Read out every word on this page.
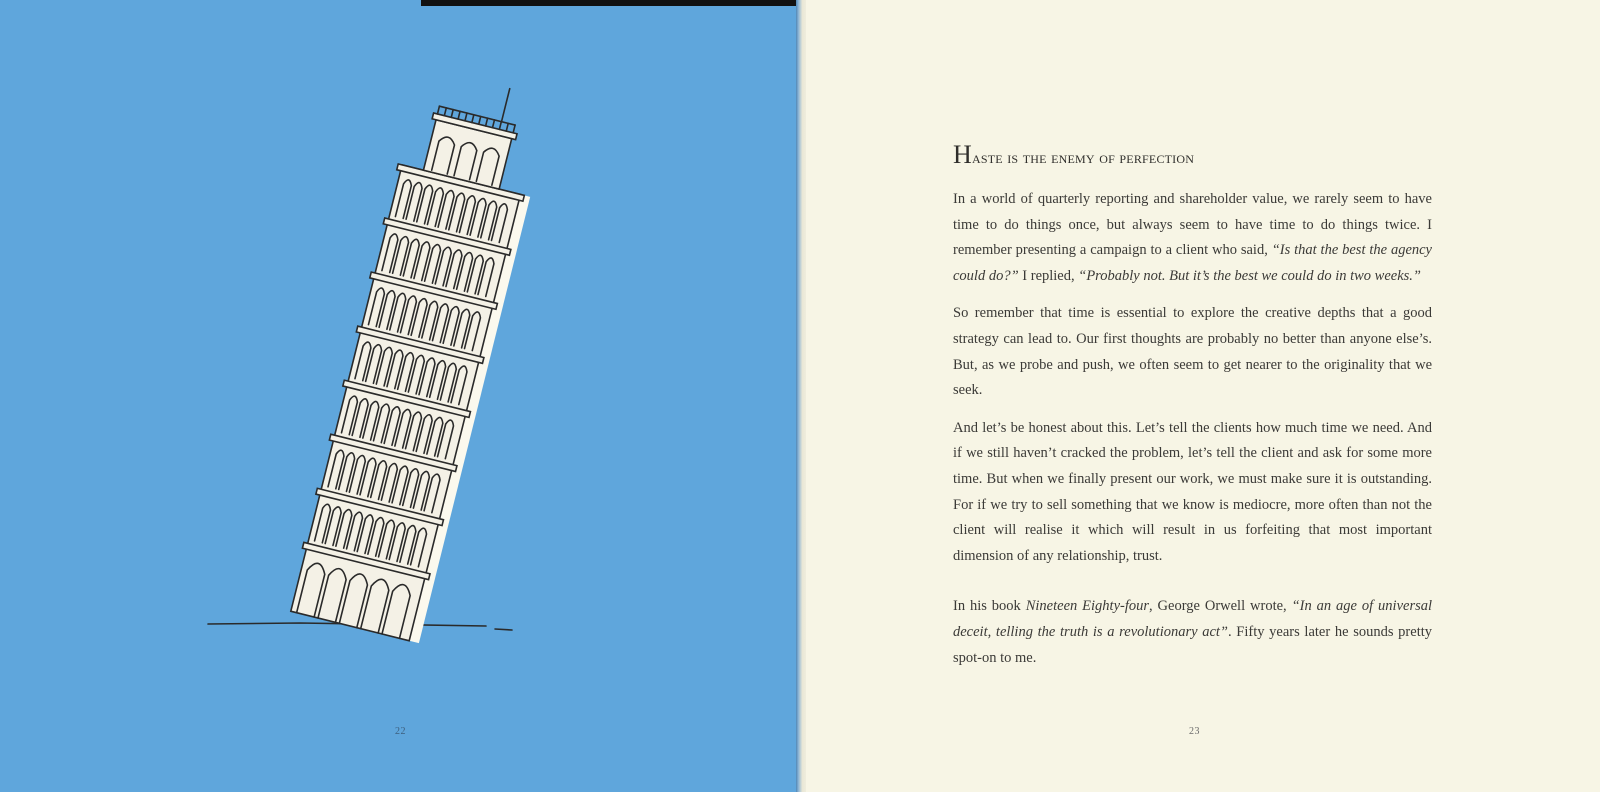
22
Haste is the enemy of perfection

In a world of quarterly reporting and shareholder value, we rarely seem to have time to do things once, but always seem to have time to do things twice. I remember presenting a campaign to a client who said, “Is that the best the agency could do?” I replied, “Probably not. But it’s the best we could do in two weeks.”

So remember that time is essential to explore the creative depths that a good strategy can lead to. Our first thoughts are probably no better than anyone else’s. But, as we probe and push, we often seem to get nearer to the originality that we seek.

And let’s be honest about this. Let’s tell the clients how much time we need. And if we still haven’t cracked the problem, let’s tell the client and ask for some more time. But when we finally present our work, we must make sure it is outstanding. For if we try to sell something that we know is mediocre, more often than not the client will realise it which will result in us forfeiting that most important dimension of any relationship, trust.

In his book Nineteen Eighty-four, George Orwell wrote, “In an age of universal deceit, telling the truth is a revolutionary act”. Fifty years later he sounds pretty spot-on to me.

23
